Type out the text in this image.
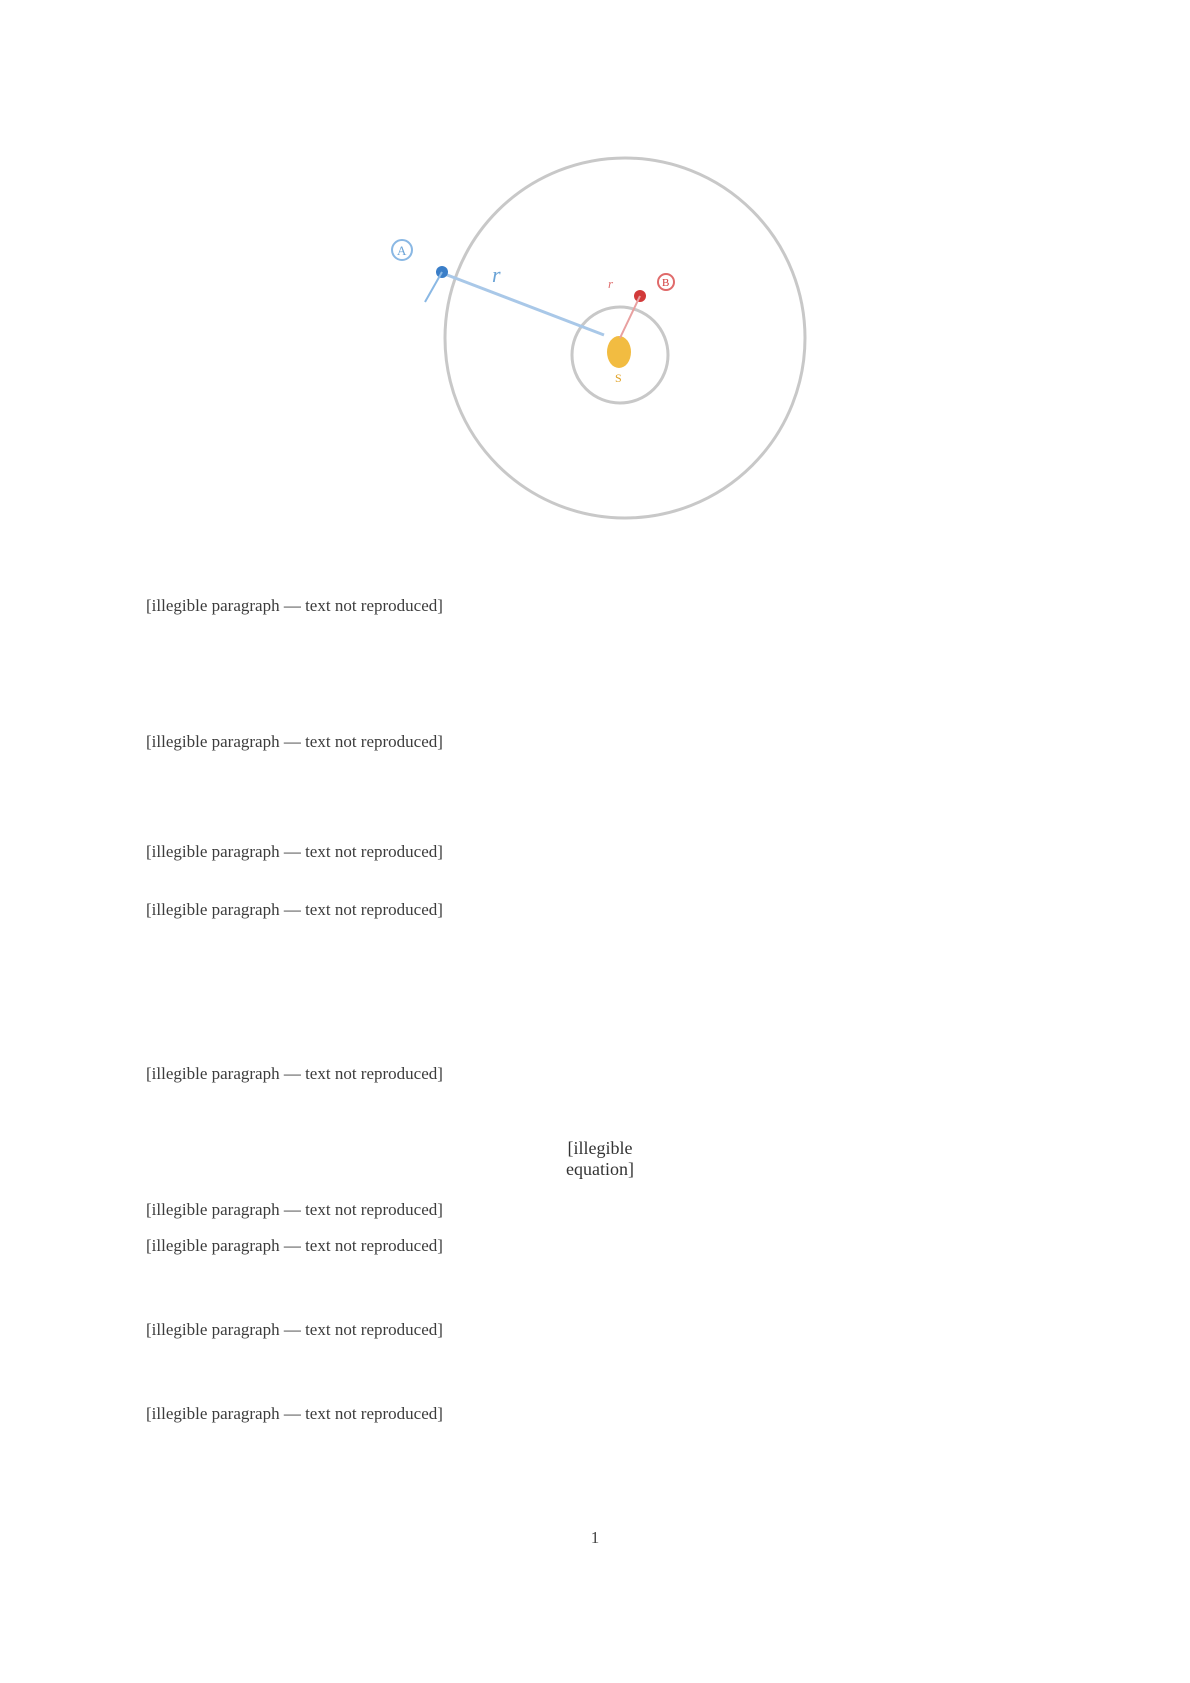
S
r
A
B
r
[illegible paragraph — text not reproduced]
[illegible paragraph — text not reproduced]
[illegible paragraph — text not reproduced]
[illegible paragraph — text not reproduced]
[illegible paragraph — text not reproduced]
[illegible equation]
[illegible paragraph — text not reproduced]
[illegible paragraph — text not reproduced]
[illegible paragraph — text not reproduced]
[illegible paragraph — text not reproduced]
1
